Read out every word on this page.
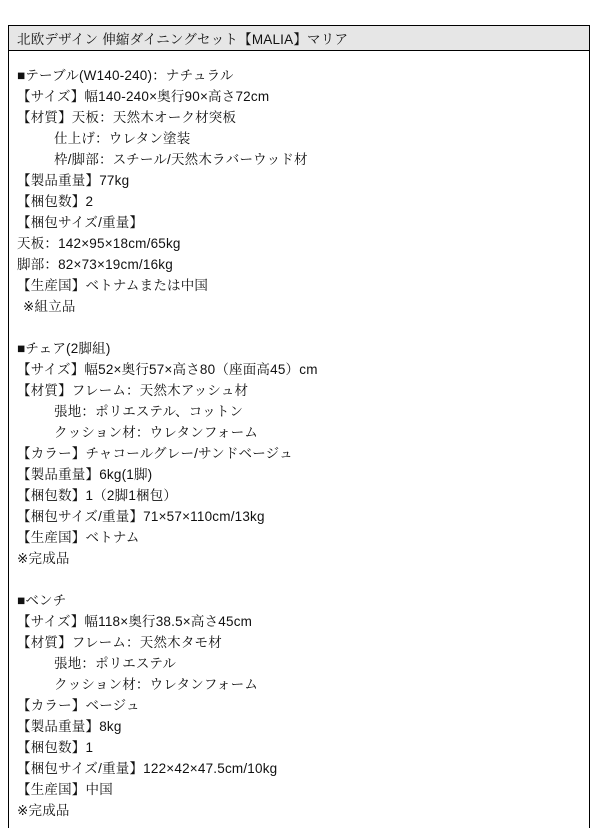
北欧デザイン 伸縮ダイニングセット【MALIA】マリア
■テーブル(W140-240)：ナチュラル
【サイズ】幅140-240×奥行90×高さ72cm
【材質】天板：天然木オーク材突板
仕上げ：ウレタン塗装
枠/脚部：スチール/天然木ラバーウッド材
【製品重量】77kg
【梱包数】2
【梱包サイズ/重量】
天板：142×95×18cm/65kg
脚部：82×73×19cm/16kg
【生産国】ベトナムまたは中国
※組立品
■チェア(2脚組)
【サイズ】幅52×奥行57×高さ80（座面高45）cm
【材質】フレーム：天然木アッシュ材
張地：ポリエステル、コットン
クッション材：ウレタンフォーム
【カラー】チャコールグレー/サンドベージュ
【製品重量】6kg(1脚)
【梱包数】1（2脚1梱包）
【梱包サイズ/重量】71×57×110cm/13kg
【生産国】ベトナム
※完成品
■ベンチ
【サイズ】幅118×奥行38.5×高さ45cm
【材質】フレーム：天然木タモ材
張地：ポリエステル
クッション材：ウレタンフォーム
【カラー】ベージュ
【製品重量】8kg
【梱包数】1
【梱包サイズ/重量】122×42×47.5cm/10kg
【生産国】中国
※完成品
